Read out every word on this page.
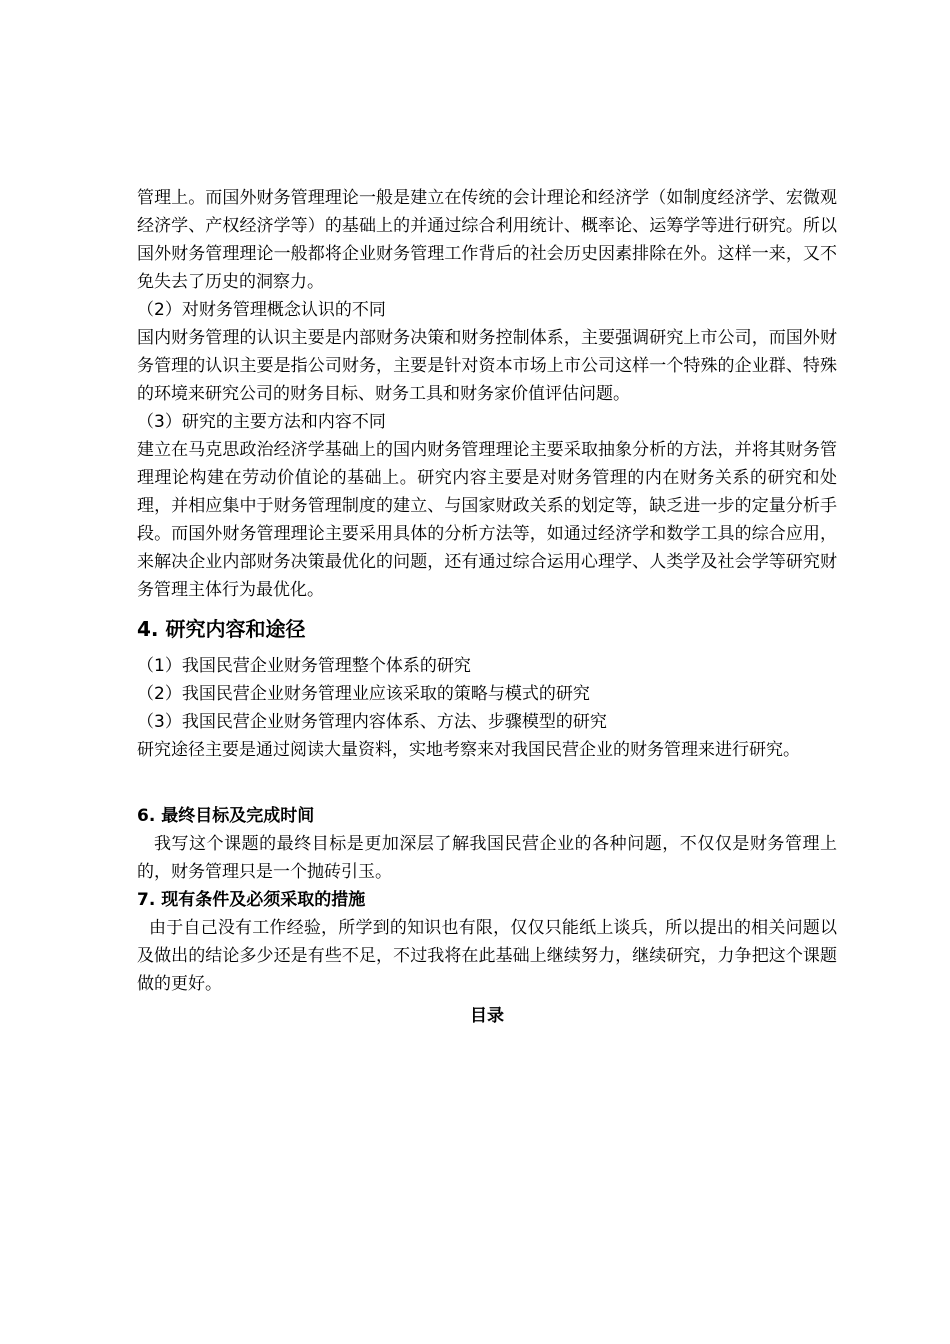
管理上。而国外财务管理理论一般是建立在传统的会计理论和经济学（如制度经济学、宏微观经济学、产权经济学等）的基础上的并通过综合利用统计、概率论、运筹学等进行研究。所以国外财务管理理论一般都将企业财务管理工作背后的社会历史因素排除在外。这样一来，又不免失去了历史的洞察力。

（2）对财务管理概念认识的不同

国内财务管理的认识主要是内部财务决策和财务控制体系，主要强调研究上市公司，而国外财务管理的认识主要是指公司财务，主要是针对资本市场上市公司这样一个特殊的企业群、特殊的环境来研究公司的财务目标、财务工具和财务家价值评估问题。

（3）研究的主要方法和内容不同

建立在马克思政治经济学基础上的国内财务管理理论主要采取抽象分析的方法，并将其财务管理理论构建在劳动价值论的基础上。研究内容主要是对财务管理的内在财务关系的研究和处理，并相应集中于财务管理制度的建立、与国家财政关系的划定等，缺乏进一步的定量分析手段。而国外财务管理理论主要采用具体的分析方法等，如通过经济学和数学工具的综合应用，来解决企业内部财务决策最优化的问题，还有通过综合运用心理学、人类学及社会学等研究财务管理主体行为最优化。

4. 研究内容和途径

（1）我国民营企业财务管理整个体系的研究

（2）我国民营企业财务管理业应该采取的策略与模式的研究

（3）我国民营企业财务管理内容体系、方法、步骤模型的研究

研究途径主要是通过阅读大量资料，实地考察来对我国民营企业的财务管理来进行研究。

6. 最终目标及完成时间

我写这个课题的最终目标是更加深层了解我国民营企业的各种问题，不仅仅是财务管理上的，财务管理只是一个抛砖引玉。

7. 现有条件及必须采取的措施

由于自己没有工作经验，所学到的知识也有限，仅仅只能纸上谈兵，所以提出的相关问题以及做出的结论多少还是有些不足，不过我将在此基础上继续努力，继续研究，力争把这个课题做的更好。

目录
